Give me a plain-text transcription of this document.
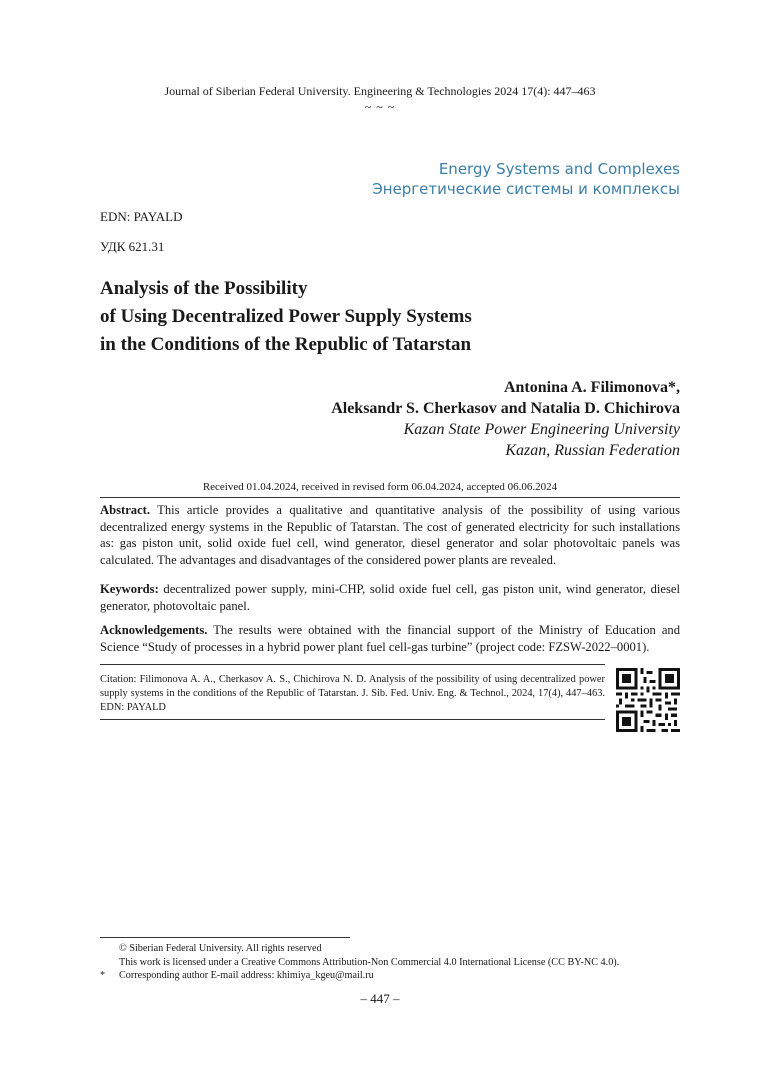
Journal of Siberian Federal University. Engineering & Technologies 2024 17(4): 447–463
~ ~ ~
Energy Systems and Complexes
Энергетические системы и комплексы
EDN: PAYALD
УДК 621.31
Analysis of the Possibility
of Using Decentralized Power Supply Systems
in the Conditions of the Republic of Tatarstan
Antonina A. Filimonova*,
Aleksandr S. Cherkasov and Natalia D. Chichirova
Kazan State Power Engineering University
Kazan, Russian Federation
Received 01.04.2024, received in revised form 06.04.2024, accepted 06.06.2024
Abstract. This article provides a qualitative and quantitative analysis of the possibility of using various decentralized energy systems in the Republic of Tatarstan. The cost of generated electricity for such installations as: gas piston unit, solid oxide fuel cell, wind generator, diesel generator and solar photovoltaic panels was calculated. The advantages and disadvantages of the considered power plants are revealed.
Keywords: decentralized power supply, mini-CHP, solid oxide fuel cell, gas piston unit, wind generator, diesel generator, photovoltaic panel.
Acknowledgements. The results were obtained with the financial support of the Ministry of Education and Science “Study of processes in a hybrid power plant fuel cell-gas turbine” (project code: FZSW-2022–0001).
Citation: Filimonova A. A., Cherkasov A. S., Chichirova N. D. Analysis of the possibility of using decentralized power supply systems in the conditions of the Republic of Tatarstan. J. Sib. Fed. Univ. Eng. & Technol., 2024, 17(4), 447–463. EDN: PAYALD
© Siberian Federal University. All rights reserved
This work is licensed under a Creative Commons Attribution-Non Commercial 4.0 International License (CC BY-NC 4.0).
* Corresponding author E-mail address: khimiya_kgeu@mail.ru
– 447 –
